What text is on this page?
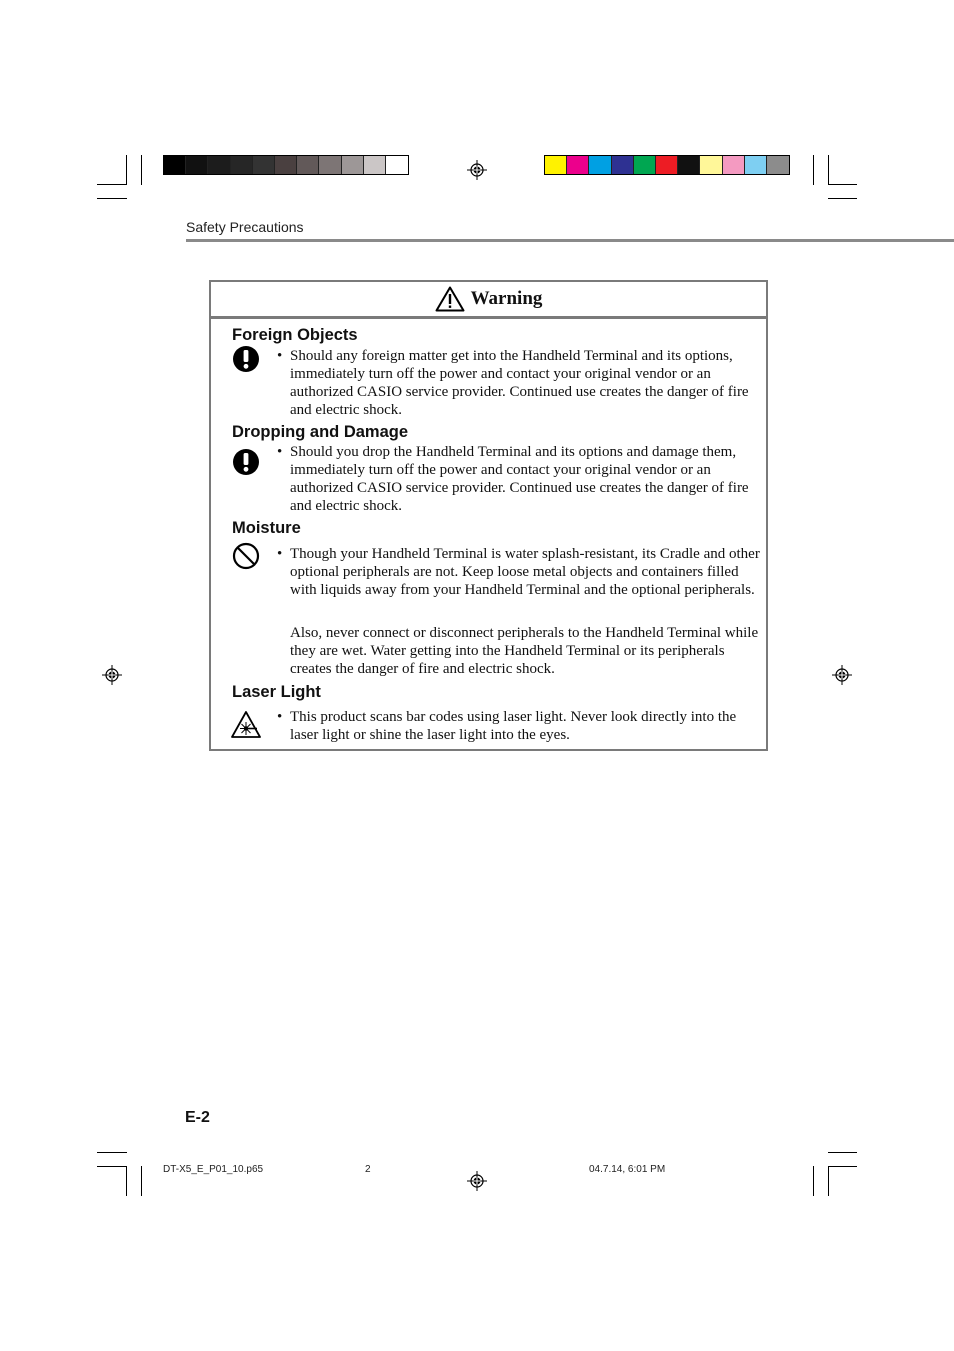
Safety Precautions
Warning
Foreign Objects
• Should any foreign matter get into the Handheld Terminal and its options, immediately turn off the power and contact your original vendor or an authorized CASIO service provider. Continued use creates the danger of fire and electric shock.
Dropping and Damage
• Should you drop the Handheld Terminal and its options and damage them, immediately turn off the power and contact your original vendor or an authorized CASIO service provider. Continued use creates the danger of fire and electric shock.
Moisture
• Though your Handheld Terminal is water splash-resistant, its Cradle and other optional peripherals are not. Keep loose metal objects and containers filled with liquids away from your Handheld Terminal and the optional peripherals.
Also, never connect or disconnect peripherals to the Handheld Terminal while they are wet. Water getting into the Handheld Terminal or its peripherals creates the danger of fire and electric shock.
Laser Light
• This product scans bar codes using laser light. Never look directly into the laser light or shine the laser light into the eyes.
E-2
DT-X5_E_P01_10.p65	2	04.7.14, 6:01 PM
